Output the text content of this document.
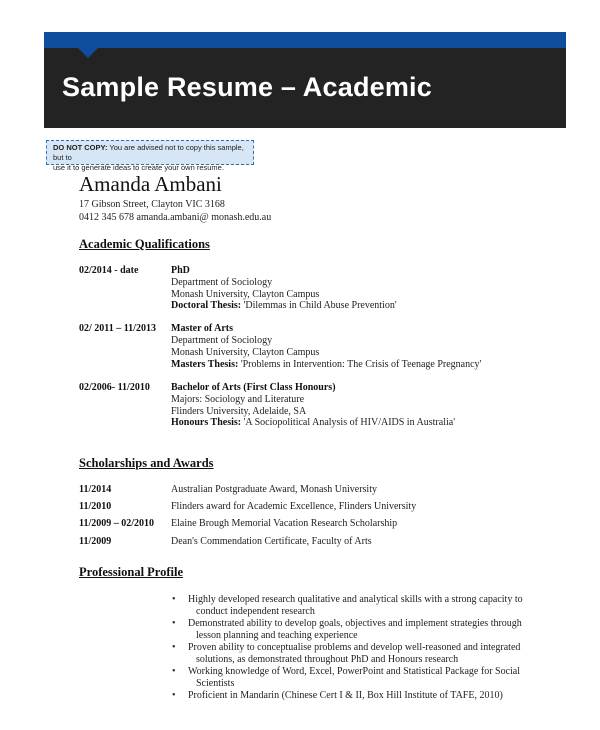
Sample Resume – Academic
DO NOT COPY: You are advised not to copy this sample, but to
use it to generate ideas to create your own resume.
Amanda Ambani
17 Gibson Street, Clayton VIC 3168
0412 345 678 amanda.ambani@ monash.edu.au
Academic Qualifications
02/2014 - date	PhD
Department of Sociology
Monash University, Clayton Campus
Doctoral Thesis: 'Dilemmas in Child Abuse Prevention'
02/ 2011 – 11/2013 Master of Arts
Department of Sociology
Monash University, Clayton Campus
Masters Thesis: 'Problems in Intervention: The Crisis of Teenage Pregnancy'
02/2006- 11/2010 Bachelor of Arts (First Class Honours)
Majors: Sociology and Literature
Flinders University, Adelaide, SA
Honours Thesis: 'A Sociopolitical Analysis of HIV/AIDS in Australia'
Scholarships and Awards
11/2014	Australian Postgraduate Award, Monash University
11/2010	Flinders award for Academic Excellence, Flinders University
11/2009 – 02/2010 Elaine Brough Memorial Vacation Research Scholarship
11/2009	Dean's Commendation Certificate, Faculty of Arts
Professional Profile
• Highly developed research qualitative and analytical skills with a strong capacity to
conduct independent research
• Demonstrated ability to develop goals, objectives and implement strategies through
lesson planning and teaching experience
• Proven ability to conceptualise problems and develop well-reasoned and integrated
solutions, as demonstrated throughout PhD and Honours research
• Working knowledge of Word, Excel, PowerPoint and Statistical Package for Social
Scientists
• Proficient in Mandarin (Chinese Cert I & II, Box Hill Institute of TAFE, 2010)
